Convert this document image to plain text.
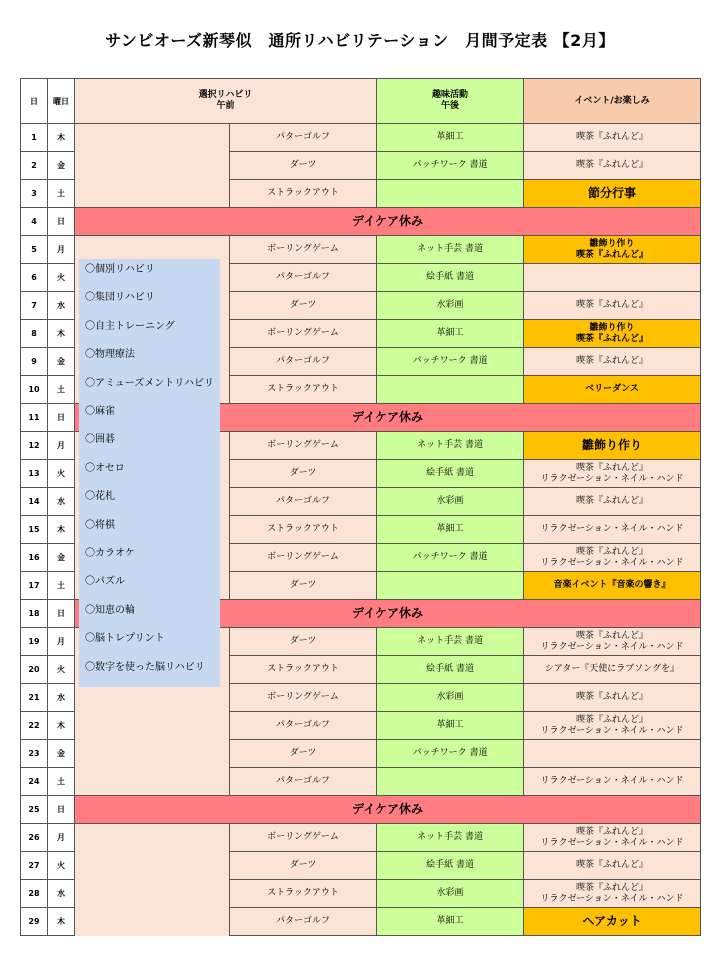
サンビオーズ新琴似　通所リハビリテーション　月間予定表 【2月】
日	曜日	選択リハビリ
午前		趣味活動
午後	イベント/お楽しみ
1	木		パターゴルフ	革細工	喫茶『ふれんど』
2	金		ダーツ	パッチワーク 書道	喫茶『ふれんど』
3	土		ストラックアウト		節分行事
4	日	デイケア休み			
5	月		ボーリングゲーム	ネット手芸 書道	雛飾り作り
喫茶『ふれんど』
6	火		パターゴルフ	絵手紙 書道	
7	水		ダーツ	水彩画	喫茶『ふれんど』
8	木		ボーリングゲーム	革細工	雛飾り作り
喫茶『ふれんど』
9	金		パターゴルフ	パッチワーク 書道	喫茶『ふれんど』
10	土		ストラックアウト		ベリーダンス
11	日	デイケア休み			
12	月		ボーリングゲーム	ネット手芸 書道	雛飾り作り
13	火		ダーツ	絵手紙 書道	喫茶『ふれんど』
リラクゼーション・ネイル・ハンド
14	水		パターゴルフ	水彩画	喫茶『ふれんど』
15	木		ストラックアウト	革細工	リラクゼーション・ネイル・ハンド
16	金		ボーリングゲーム	パッチワーク 書道	喫茶『ふれんど』
リラクゼーション・ネイル・ハンド
17	土		ダーツ		音楽イベント『音楽の響き』
18	日	デイケア休み			
19	月		ダーツ	ネット手芸 書道	喫茶『ふれんど』
リラクゼーション・ネイル・ハンド
20	火		ストラックアウト	絵手紙 書道	シアター『天使にラブソングを』
21	水		ボーリングゲーム	水彩画	喫茶『ふれんど』
22	木		パターゴルフ	革細工	喫茶『ふれんど』
リラクゼーション・ネイル・ハンド
23	金		ダーツ	パッチワーク 書道	
24	土		パターゴルフ		リラクゼーション・ネイル・ハンド
25	日	デイケア休み			
26	月		ボーリングゲーム	ネット手芸 書道	喫茶『ふれんど』
リラクゼーション・ネイル・ハンド
27	火		ダーツ	絵手紙 書道	喫茶『ふれんど』
28	水		ストラックアウト	水彩画	喫茶『ふれんど』
リラクゼーション・ネイル・ハンド
29	木		パターゴルフ	革細工	ヘアカット
〇個別リハビリ
〇集団リハビリ
〇自主トレーニング
〇物理療法
〇アミューズメントリハビリ
〇麻雀
〇囲碁
〇オセロ
〇花札
〇将棋
〇カラオケ
〇パズル
〇知恵の輪
〇脳トレプリント
〇数字を使った脳リハビリ
